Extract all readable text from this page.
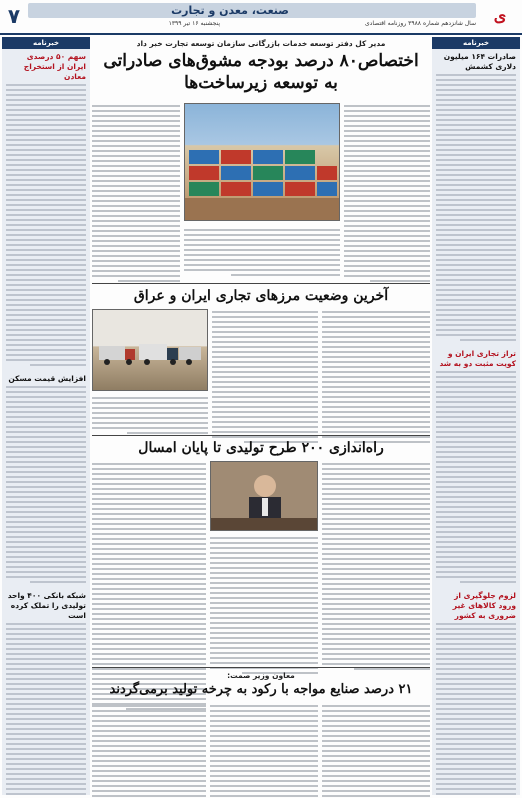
ی
صنعت، معدن و تجارت
سال شانزدهم شماره ۳۹۸۸ روزنامه اقتصادی
پنجشنبه ۱۶ تیر ۱۳۹۹
۷
خبرنامه
صادرات ۱۶۴ میلیون دلاری کشمش
تراز تجاری ایران و کویت مثبت دو به شد
لزوم جلوگیری از ورود کالاهای غیر ضروری به کشور
خبرنامه
سهم ۵۰ درصدی ایران از استخراج معادن
افزایش قیمت مسکن
شبکه بانکی ۴۰۰ واحد تولیدی را تملک کرده است
مدیر کل دفتر توسعه خدمات بازرگانی سازمان توسعه تجارت خبر داد
اختصاص۸۰ درصد بودجه مشوق‌های صادراتی
به توسعه زیرساخت‌ها
آخرین وضعیت مرزهای تجاری ایران و عراق
راه‌اندازی ۲۰۰ طرح تولیدی تا پایان امسال
معاون وزیر صمت:
۲۱ درصد صنایع مواجه با رکود به چرخه تولید برمی‌گردند
